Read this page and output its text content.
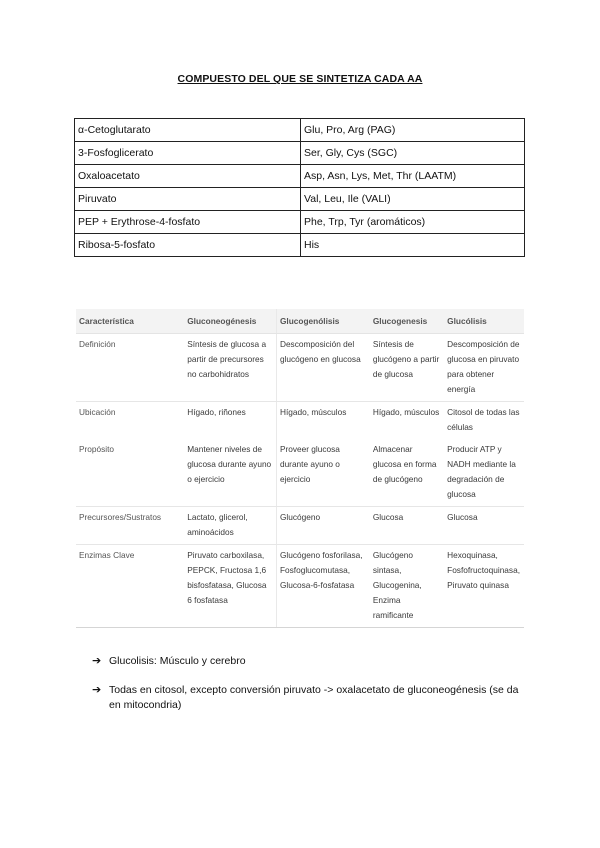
COMPUESTO DEL QUE SE SINTETIZA CADA AA
α-Cetoglutarato	Glu, Pro, Arg (PAG)
3-Fosfoglicerato	Ser, Gly, Cys (SGC)
Oxaloacetato	Asp, Asn, Lys, Met, Thr (LAATM)
Piruvato	Val, Leu, Ile (VALI)
PEP + Erythrose-4-fosfato	Phe, Trp, Tyr (aromáticos)
Ribosa-5-fosfato	His
Característica	Gluconeogénesis	Glucogenólisis	Glucogenesis	Glucólisis
Definición	Síntesis de glucosa a partir de precursores no carbohidratos	Descomposición del glucógeno en glucosa	Síntesis de glucógeno a partir de glucosa	Descomposición de glucosa en piruvato para obtener energía
Ubicación	Hígado, riñones	Hígado, músculos	Hígado, músculos	Citosol de todas las células
Propósito	Mantener niveles de glucosa durante ayuno o ejercicio	Proveer glucosa durante ayuno o ejercicio	Almacenar glucosa en forma de glucógeno	Producir ATP y NADH mediante la degradación de glucosa
Precursores/Sustratos	Lactato, glicerol, aminoácidos	Glucógeno	Glucosa	Glucosa
Enzimas Clave	Piruvato carboxilasa, PEPCK, Fructosa 1,6 bisfosfatasa, Glucosa 6 fosfatasa	Glucógeno fosforilasa, Fosfoglucomutasa, Glucosa-6-fosfatasa	Glucógeno sintasa, Glucogenina, Enzima ramificante	Hexoquinasa, Fosfofructoquinasa, Piruvato quinasa
➔ Glucolisis: Músculo y cerebro
➔ Todas en citosol, excepto conversión piruvato -> oxalacetato de gluconeogénesis (se da en mitocondria)
